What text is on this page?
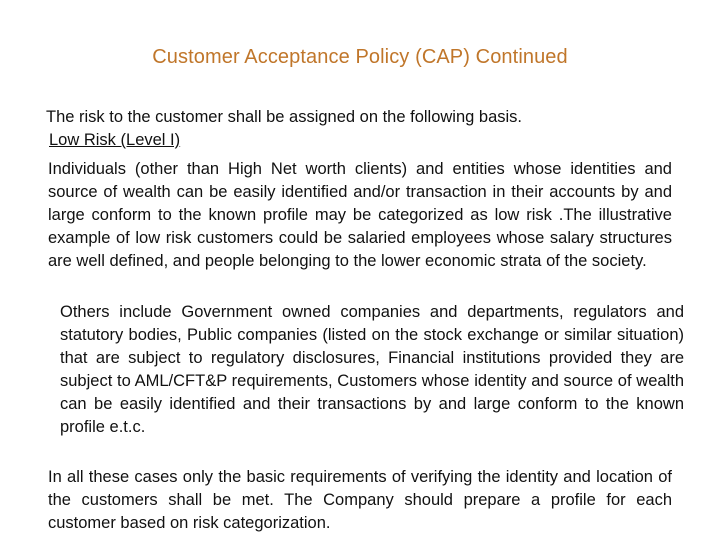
Customer Acceptance Policy (CAP) Continued
The risk to the customer shall be assigned on the following basis.
Low Risk (Level I)

Individuals (other than High Net worth clients) and entities whose identities and source of wealth can be easily identified and/or transaction in their accounts by and large conform to the known profile may be categorized as low risk .The illustrative example of low risk customers could be salaried employees whose salary structures are well defined, and people belonging to the lower economic strata of the society.

Others include Government owned companies and departments, regulators and statutory bodies, Public companies (listed on the stock exchange or similar situation) that are subject to regulatory disclosures, Financial institutions provided they are subject to AML/CFT&P requirements, Customers whose identity and source of wealth can be easily identified and their transactions by and large conform to the known profile e.t.c.

In all these cases only the basic requirements of verifying the identity and location of the customers shall be met. The Company should prepare a profile for each customer based on risk categorization.
